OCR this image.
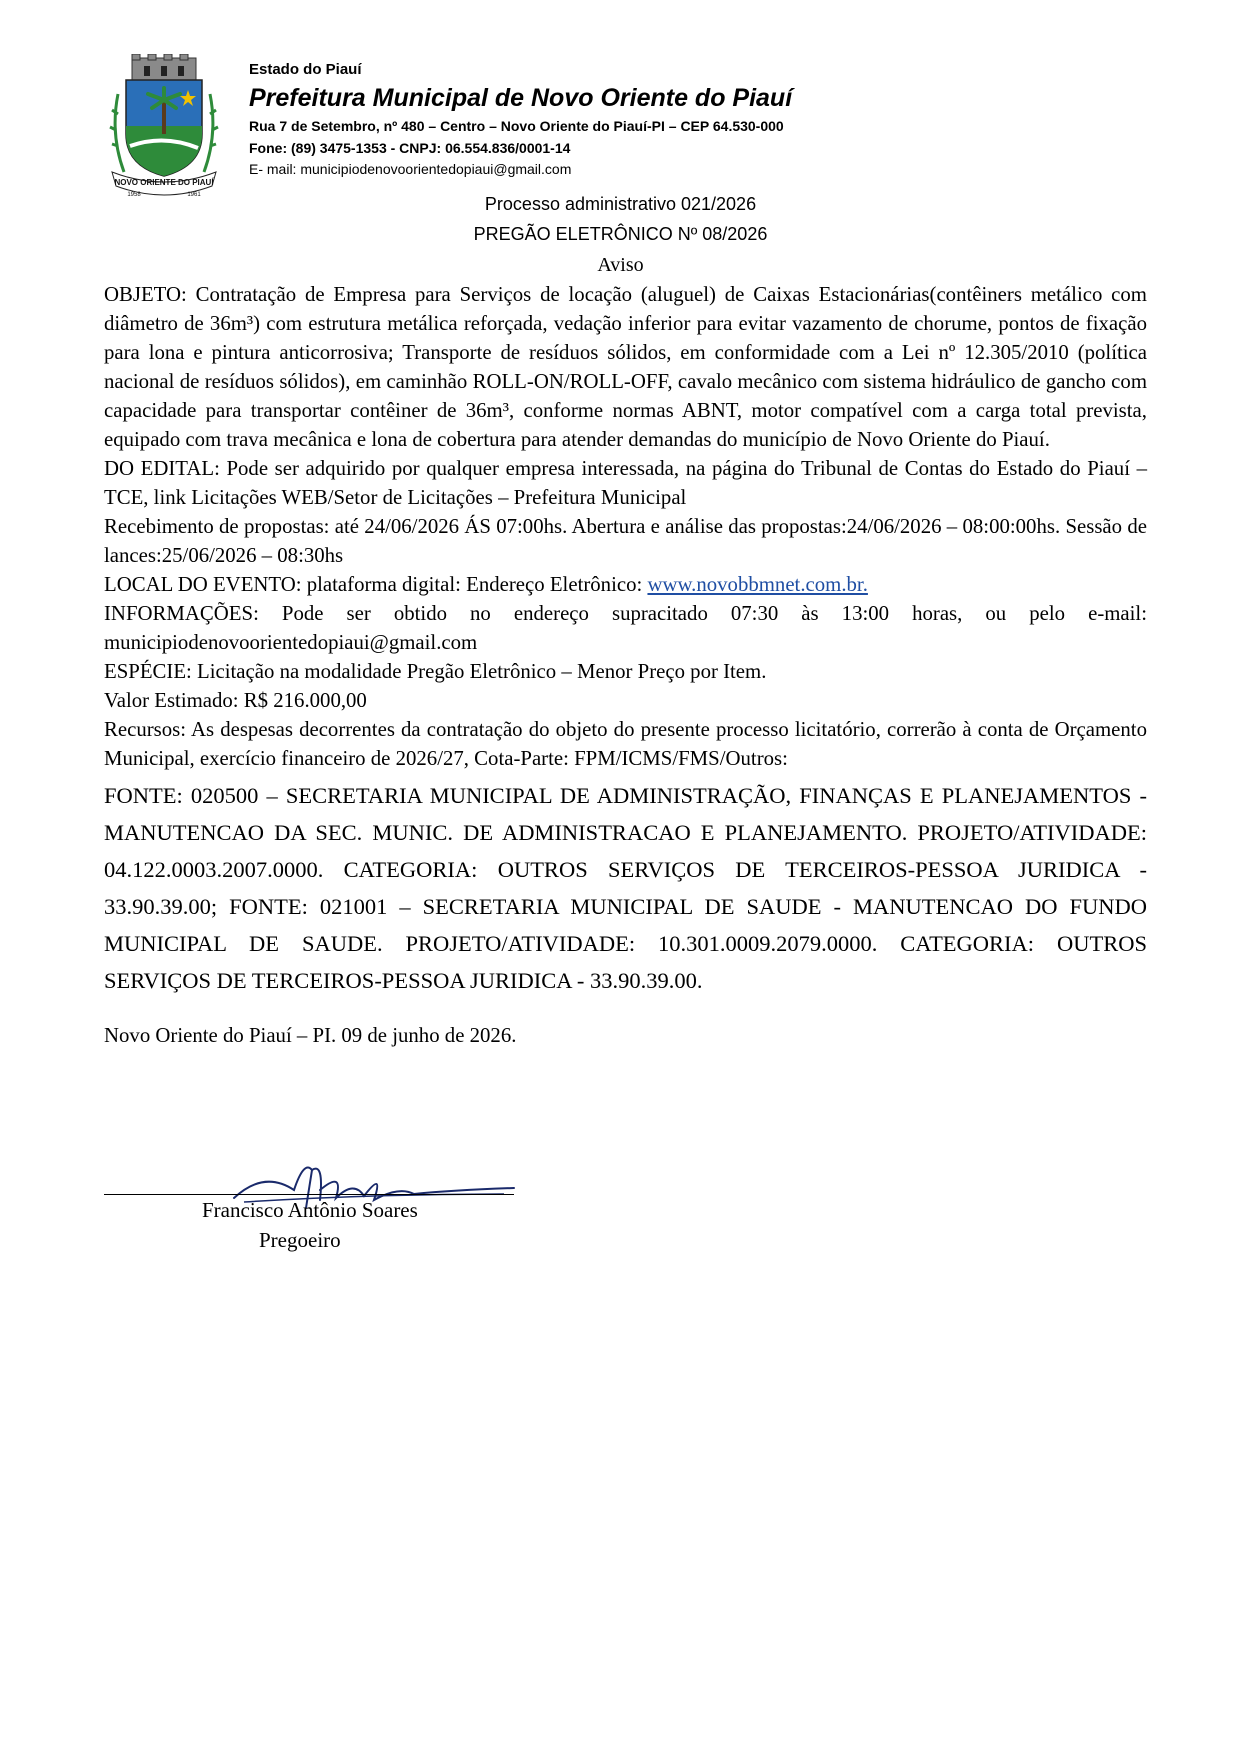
NOVO ORIENTE DO PIAUÍ
1958	1961
Estado do Piauí
Prefeitura Municipal de Novo Oriente do Piauí
Rua 7 de Setembro, nº 480 – Centro – Novo Oriente do Piauí-PI – CEP 64.530-000
Fone: (89) 3475-1353 - CNPJ: 06.554.836/0001-14
E- mail: municipiodenovoorientedopiaui@gmail.com
Processo administrativo 021/2026
PREGÃO ELETRÔNICO Nº 08/2026
Aviso

OBJETO: Contratação de Empresa para Serviços de locação (aluguel) de Caixas Estacionárias(contêiners metálico com diâmetro de 36m³) com estrutura metálica reforçada, vedação inferior para evitar vazamento de chorume, pontos de fixação para lona e pintura anticorrosiva; Transporte de resíduos sólidos, em conformidade com a Lei nº 12.305/2010 (política nacional de resíduos sólidos), em caminhão ROLL-ON/ROLL-OFF, cavalo mecânico com sistema hidráulico de gancho com capacidade para transportar contêiner de 36m³, conforme normas ABNT, motor compatível com a carga total prevista, equipado com trava mecânica e lona de cobertura para atender demandas do município de Novo Oriente do Piauí.

DO EDITAL: Pode ser adquirido por qualquer empresa interessada, na página do Tribunal de Contas do Estado do Piauí – TCE, link Licitações WEB/Setor de Licitações – Prefeitura Municipal

Recebimento de propostas: até 24/06/2026 ÁS 07:00hs. Abertura e análise das propostas:24/06/2026 – 08:00:00hs. Sessão de lances:25/06/2026 – 08:30hs

LOCAL DO EVENTO: plataforma digital: Endereço Eletrônico: www.novobbmnet.com.br.

INFORMAÇÕES: Pode ser obtido no endereço supracitado 07:30 às 13:00 horas, ou pelo e-mail: municipiodenovoorientedopiaui@gmail.com

ESPÉCIE: Licitação na modalidade Pregão Eletrônico – Menor Preço por Item.

Valor Estimado: R$ 216.000,00

Recursos: As despesas decorrentes da contratação do objeto do presente processo licitatório, correrão à conta de Orçamento Municipal, exercício financeiro de 2026/27, Cota-Parte: FPM/ICMS/FMS/Outros:

FONTE: 020500 – SECRETARIA MUNICIPAL DE ADMINISTRAÇÃO, FINANÇAS E PLANEJAMENTOS - MANUTENCAO DA SEC. MUNIC. DE ADMINISTRACAO E PLANEJAMENTO. PROJETO/ATIVIDADE: 04.122.0003.2007.0000. CATEGORIA: OUTROS SERVIÇOS DE TERCEIROS-PESSOA JURIDICA - 33.90.39.00; FONTE: 021001 – SECRETARIA MUNICIPAL DE SAUDE - MANUTENCAO DO FUNDO MUNICIPAL DE SAUDE. PROJETO/ATIVIDADE: 10.301.0009.2079.0000. CATEGORIA: OUTROS SERVIÇOS DE TERCEIROS-PESSOA JURIDICA - 33.90.39.00.

Novo Oriente do Piauí – PI. 09 de junho de 2026.

Francisco Antônio Soares
Pregoeiro
